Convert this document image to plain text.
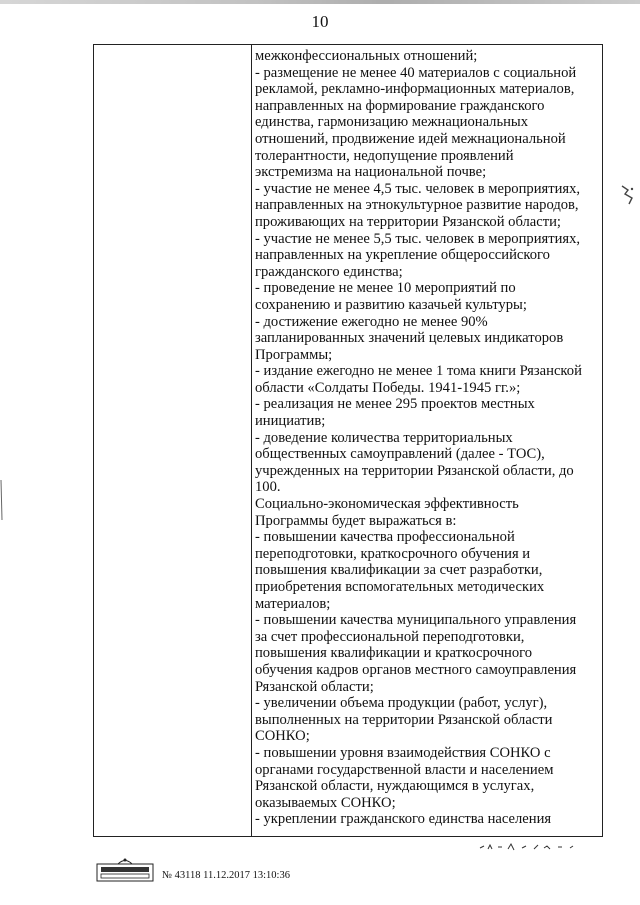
10
межконфессиональных отношений;
- размещение не менее 40 материалов с социальной
рекламой, рекламно-информационных материалов,
направленных на формирование гражданского
единства, гармонизацию межнациональных
отношений, продвижение идей межнациональной
толерантности, недопущение проявлений
экстремизма на национальной почве;
- участие не менее 4,5 тыс. человек в мероприятиях,
направленных на этнокультурное развитие народов,
проживающих на территории Рязанской области;
- участие не менее 5,5 тыс. человек в мероприятиях,
направленных на укрепление общероссийского
гражданского единства;
- проведение не менее 10 мероприятий по
сохранению и развитию казачьей культуры;
- достижение ежегодно не менее 90%
запланированных значений целевых индикаторов
Программы;
- издание ежегодно не менее 1 тома книги Рязанской
области «Солдаты Победы. 1941-1945 гг.»;
- реализация не менее 295 проектов местных
инициатив;
- доведение количества территориальных
общественных самоуправлений (далее - ТОС),
учрежденных на территории Рязанской области, до
100.
Социально-экономическая эффективность
Программы будет выражаться в:
- повышении качества профессиональной
переподготовки, краткосрочного обучения и
повышения квалификации за счет разработки,
приобретения вспомогательных методических
материалов;
- повышении качества муниципального управления
за счет профессиональной переподготовки,
повышения квалификации и краткосрочного
обучения кадров органов местного самоуправления
Рязанской области;
- увеличении объема продукции (работ, услуг),
выполненных на территории Рязанской области
СОНКО;
- повышении уровня взаимодействия СОНКО с
органами государственной власти и населением
Рязанской области, нуждающимся в услугах,
оказываемых СОНКО;
- укреплении гражданского единства населения
№ 43118 11.12.2017 13:10:36
